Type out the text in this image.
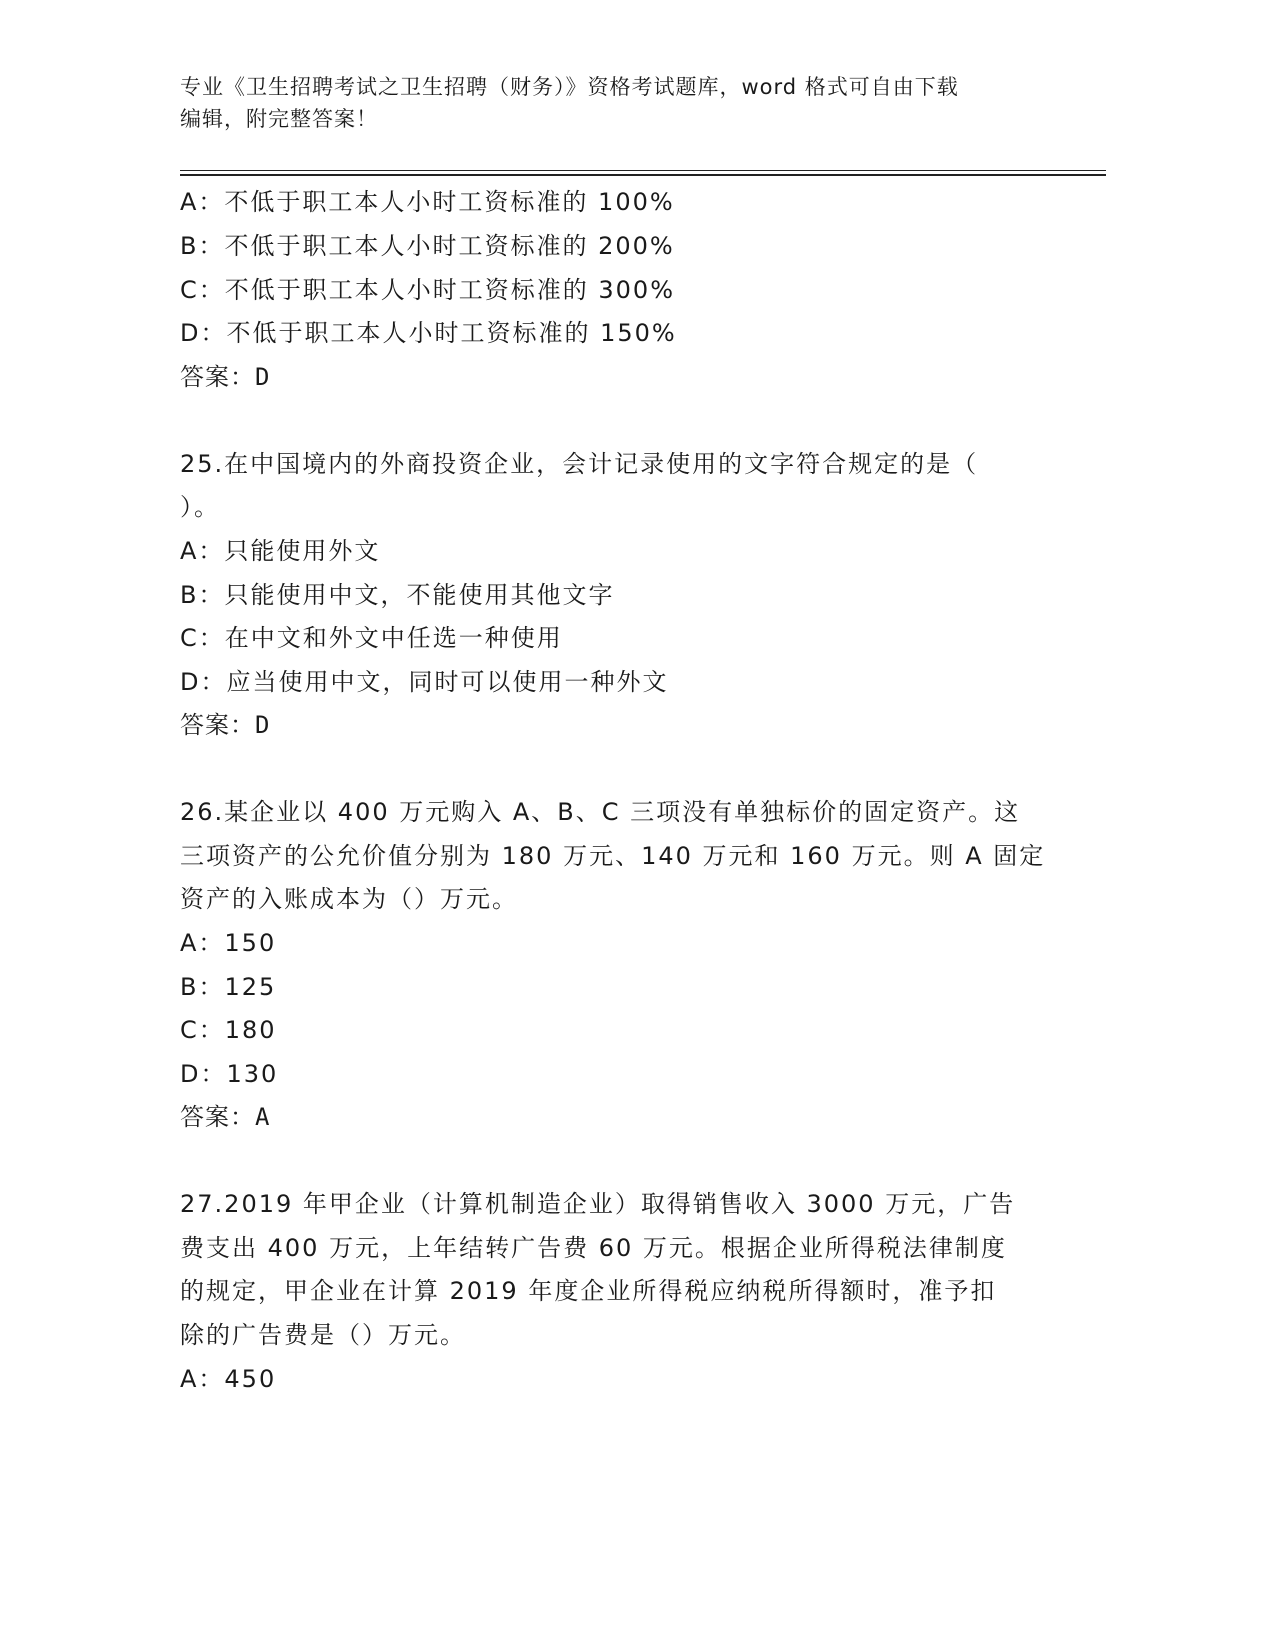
专业《卫生招聘考试之卫生招聘（财务）》资格考试题库，word 格式可自由下载
编辑，附完整答案！
A：不低于职工本人小时工资标准的 100%
B：不低于职工本人小时工资标准的 200%
C：不低于职工本人小时工资标准的 300%
D：不低于职工本人小时工资标准的 150%
答案：D
25.在中国境内的外商投资企业，会计记录使用的文字符合规定的是（
）。
A：只能使用外文
B：只能使用中文，不能使用其他文字
C：在中文和外文中任选一种使用
D：应当使用中文，同时可以使用一种外文
答案：D
26.某企业以 400 万元购入 A、B、C 三项没有单独标价的固定资产。这
三项资产的公允价值分别为 180 万元、140 万元和 160 万元。则 A 固定
资产的入账成本为（）万元。
A：150
B：125
C：180
D：130
答案：A
27.2019 年甲企业（计算机制造企业）取得销售收入 3000 万元，广告
费支出 400 万元，上年结转广告费 60 万元。根据企业所得税法律制度
的规定，甲企业在计算 2019 年度企业所得税应纳税所得额时，准予扣
除的广告费是（）万元。
A：450
